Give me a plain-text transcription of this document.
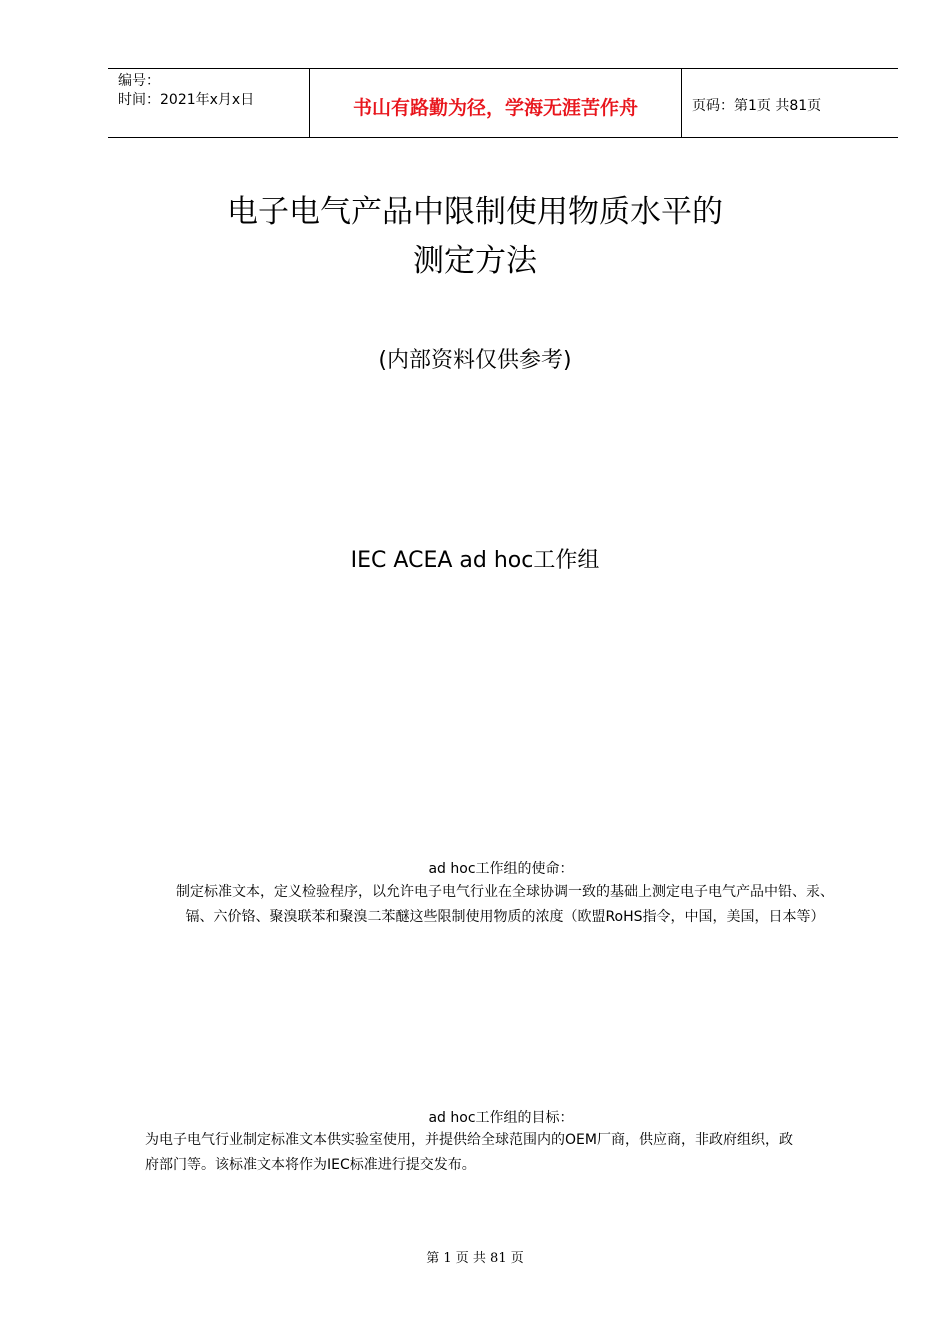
编号：
时间：2021年x月x日	书山有路勤为径，学海无涯苦作舟	页码：第1页 共81页
电子电气产品中限制使用物质水平的
测定方法
(内部资料仅供参考)
IEC ACEA ad hoc工作组
ad hoc工作组的使命：
制定标准文本，定义检验程序，以允许电子电气行业在全球协调一致的基础上测定电子电气产品中铅、汞、
镉、六价铬、聚溴联苯和聚溴二苯醚这些限制使用物质的浓度（欧盟RoHS指令，中国，美国，日本等）
ad hoc工作组的目标：
为电子电气行业制定标准文本供实验室使用，并提供给全球范围内的OEM厂商，供应商，非政府组织，政
府部门等。该标准文本将作为IEC标准进行提交发布。
第 1 页 共 81 页
